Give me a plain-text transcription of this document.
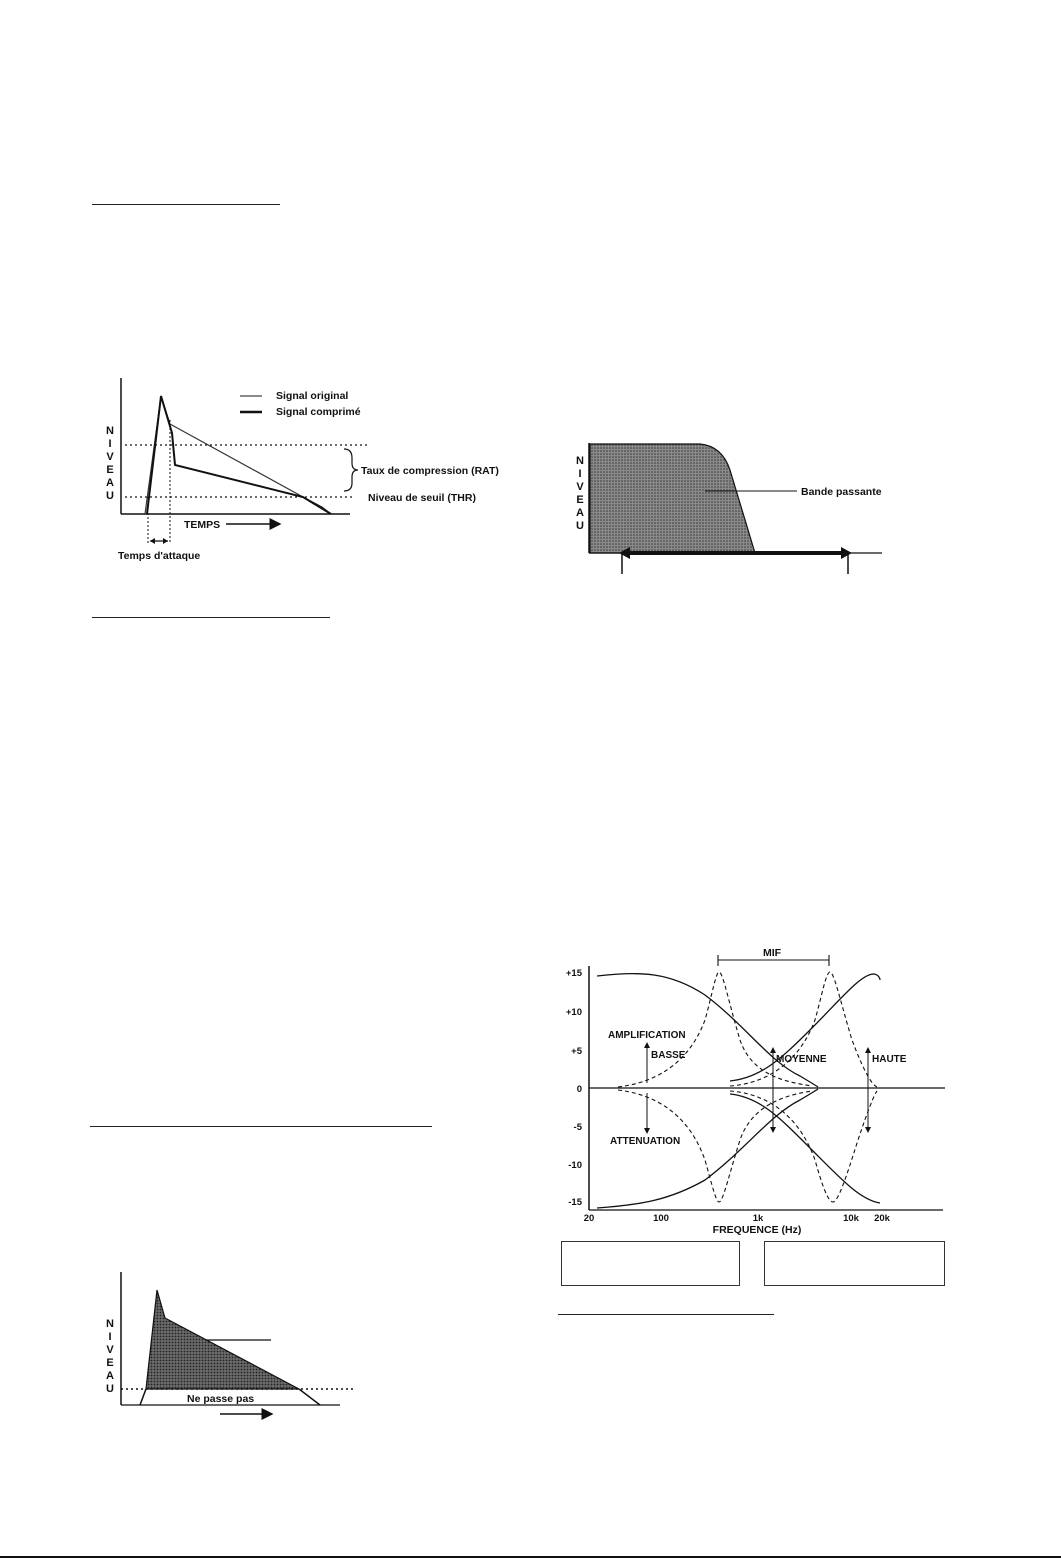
N
I
V
E
A
U
Temps d'attaque
Signal original
Signal comprimé
Taux de compression (RAT)
Niveau de seuil (THR)
TEMPS
N
I
V
E
A
U
Bande passante
N
I
V
E
A
U
Ne passe pas
+15
+10
+5
0
-5
-10
-15
20	100	1k	10k 20k
FREQUENCE (Hz)
MIF
AMPLIFICATION
BASSE	MOYENNE	HAUTE
ATTENUATION
